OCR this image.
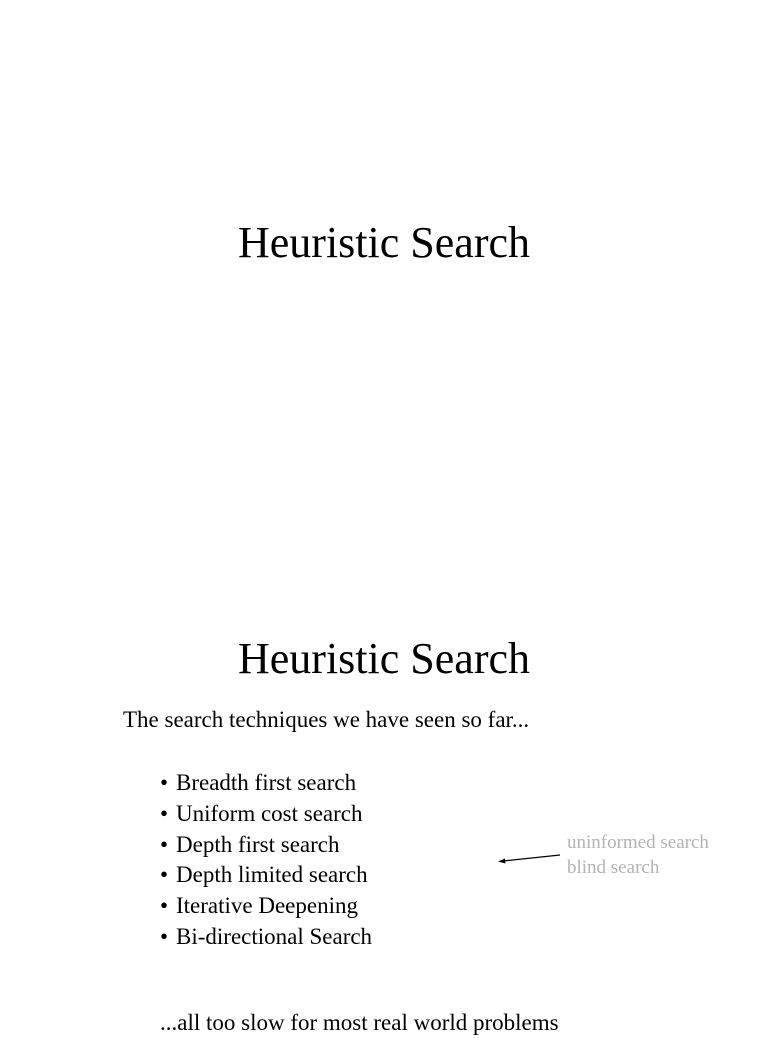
Heuristic Search
Heuristic Search
The search techniques we have seen so far...
• Breadth first search
• Uniform cost search
• Depth first search
• Depth limited search
• Iterative Deepening
• Bi-directional Search
uninformed search
blind search
...all too slow for most real world problems
